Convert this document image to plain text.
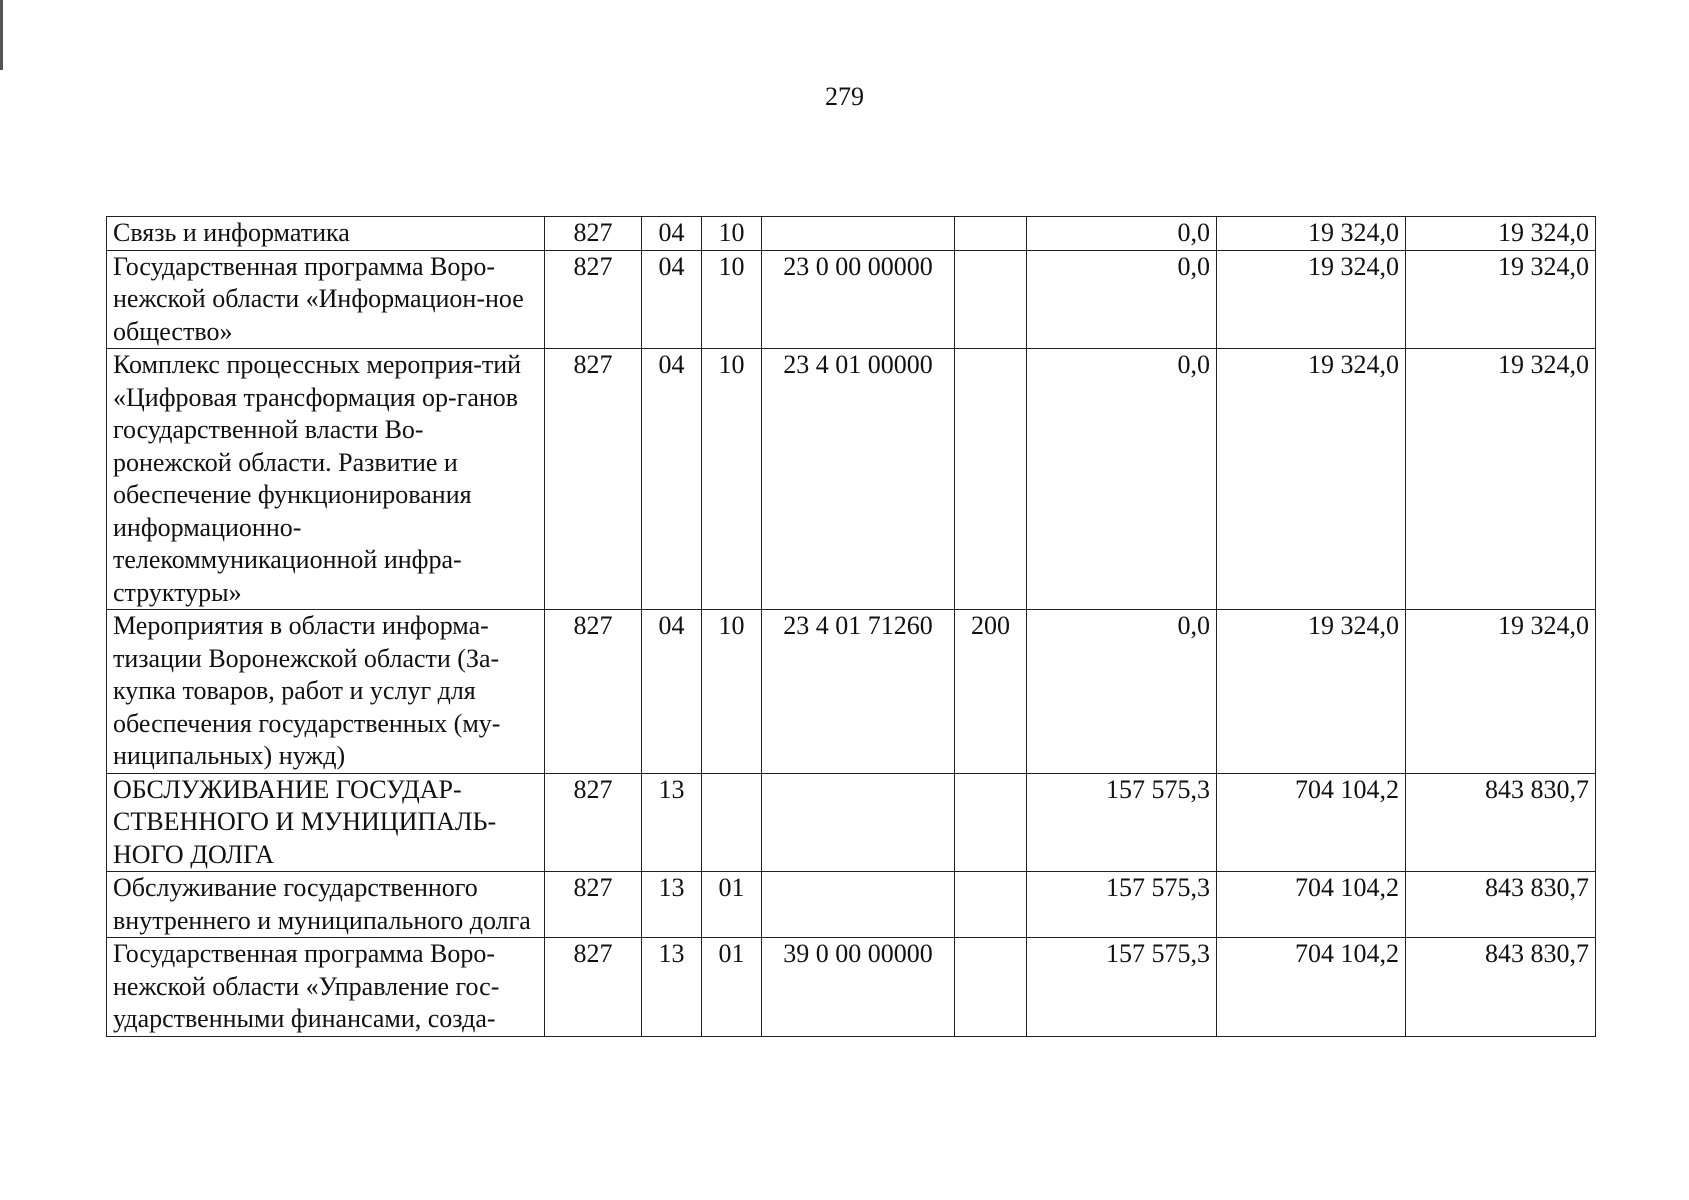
279
Связь и информатика	827	04	10			0,0	19 324,0	19 324,0
Государственная программа Воро-нежской области «Информацион-ное общество»	827	04	10	23 0 00 00000		0,0	19 324,0	19 324,0
Комплекс процессных мероприя-тий «Цифровая трансформация ор-ганов государственной власти Во-ронежской области. Развитие и обеспечение функционирования информационно-телекоммуникационной инфра-структуры»	827	04	10	23 4 01 00000		0,0	19 324,0	19 324,0
Мероприятия в области информа-тизации Воронежской области (За-купка товаров, работ и услуг для обеспечения государственных (му-ниципальных) нужд)	827	04	10	23 4 01 71260	200	0,0	19 324,0	19 324,0
ОБСЛУЖИВАНИЕ ГОСУДАР-СТВЕННОГО И МУНИЦИПАЛЬ-НОГО ДОЛГА	827	13				157 575,3	704 104,2	843 830,7
Обслуживание государственного внутреннего и муниципального долга	827	13	01			157 575,3	704 104,2	843 830,7
Государственная программа Воро-нежской области «Управление гос-ударственными финансами, созда-	827	13	01	39 0 00 00000		157 575,3	704 104,2	843 830,7
